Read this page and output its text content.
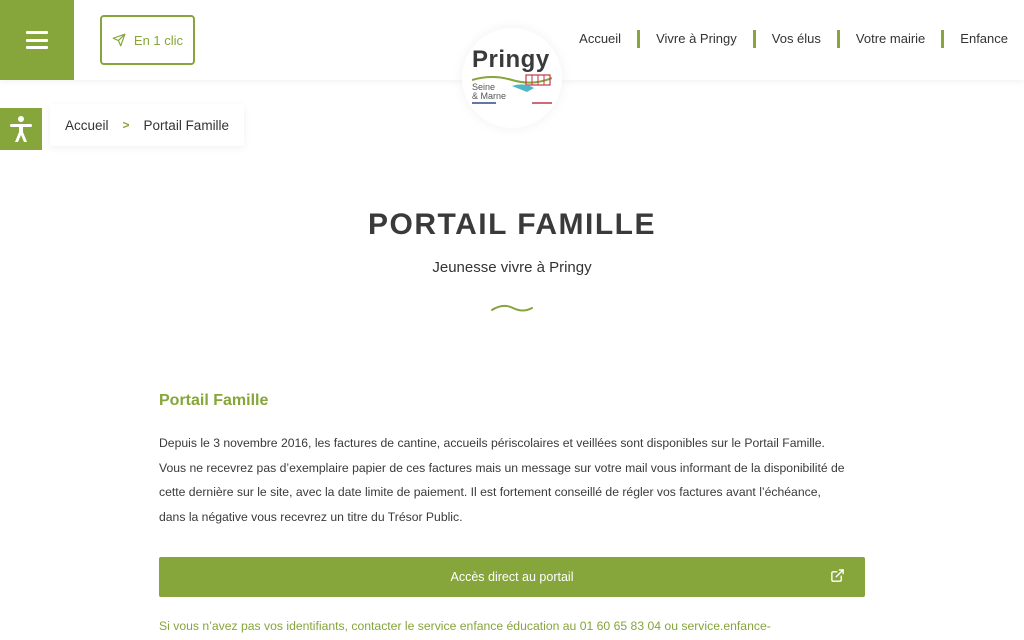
En 1 clic	Accueil	Vivre à Pringy	Vos élus	Votre mairie	Enfance
Pringy
Seine
& Marne
Accueil > Portail Famille
PORTAIL FAMILLE
Jeunesse vivre à Pringy
Portail Famille

Depuis le 3 novembre 2016, les factures de cantine, accueils périscolaires et veillées sont disponibles sur le Portail Famille.

Vous ne recevrez pas d’exemplaire papier de ces factures mais un message sur votre mail vous informant de la disponibilité de

cette dernière sur le site, avec la date limite de paiement. Il est fortement conseillé de régler vos factures avant l’échéance,

dans la négative vous recevrez un titre du Trésor Public.

Accès direct au portail
Si vous n’avez pas vos identifiants, contacter le service enfance éducation au 01 60 65 83 04 ou service.enfance-
